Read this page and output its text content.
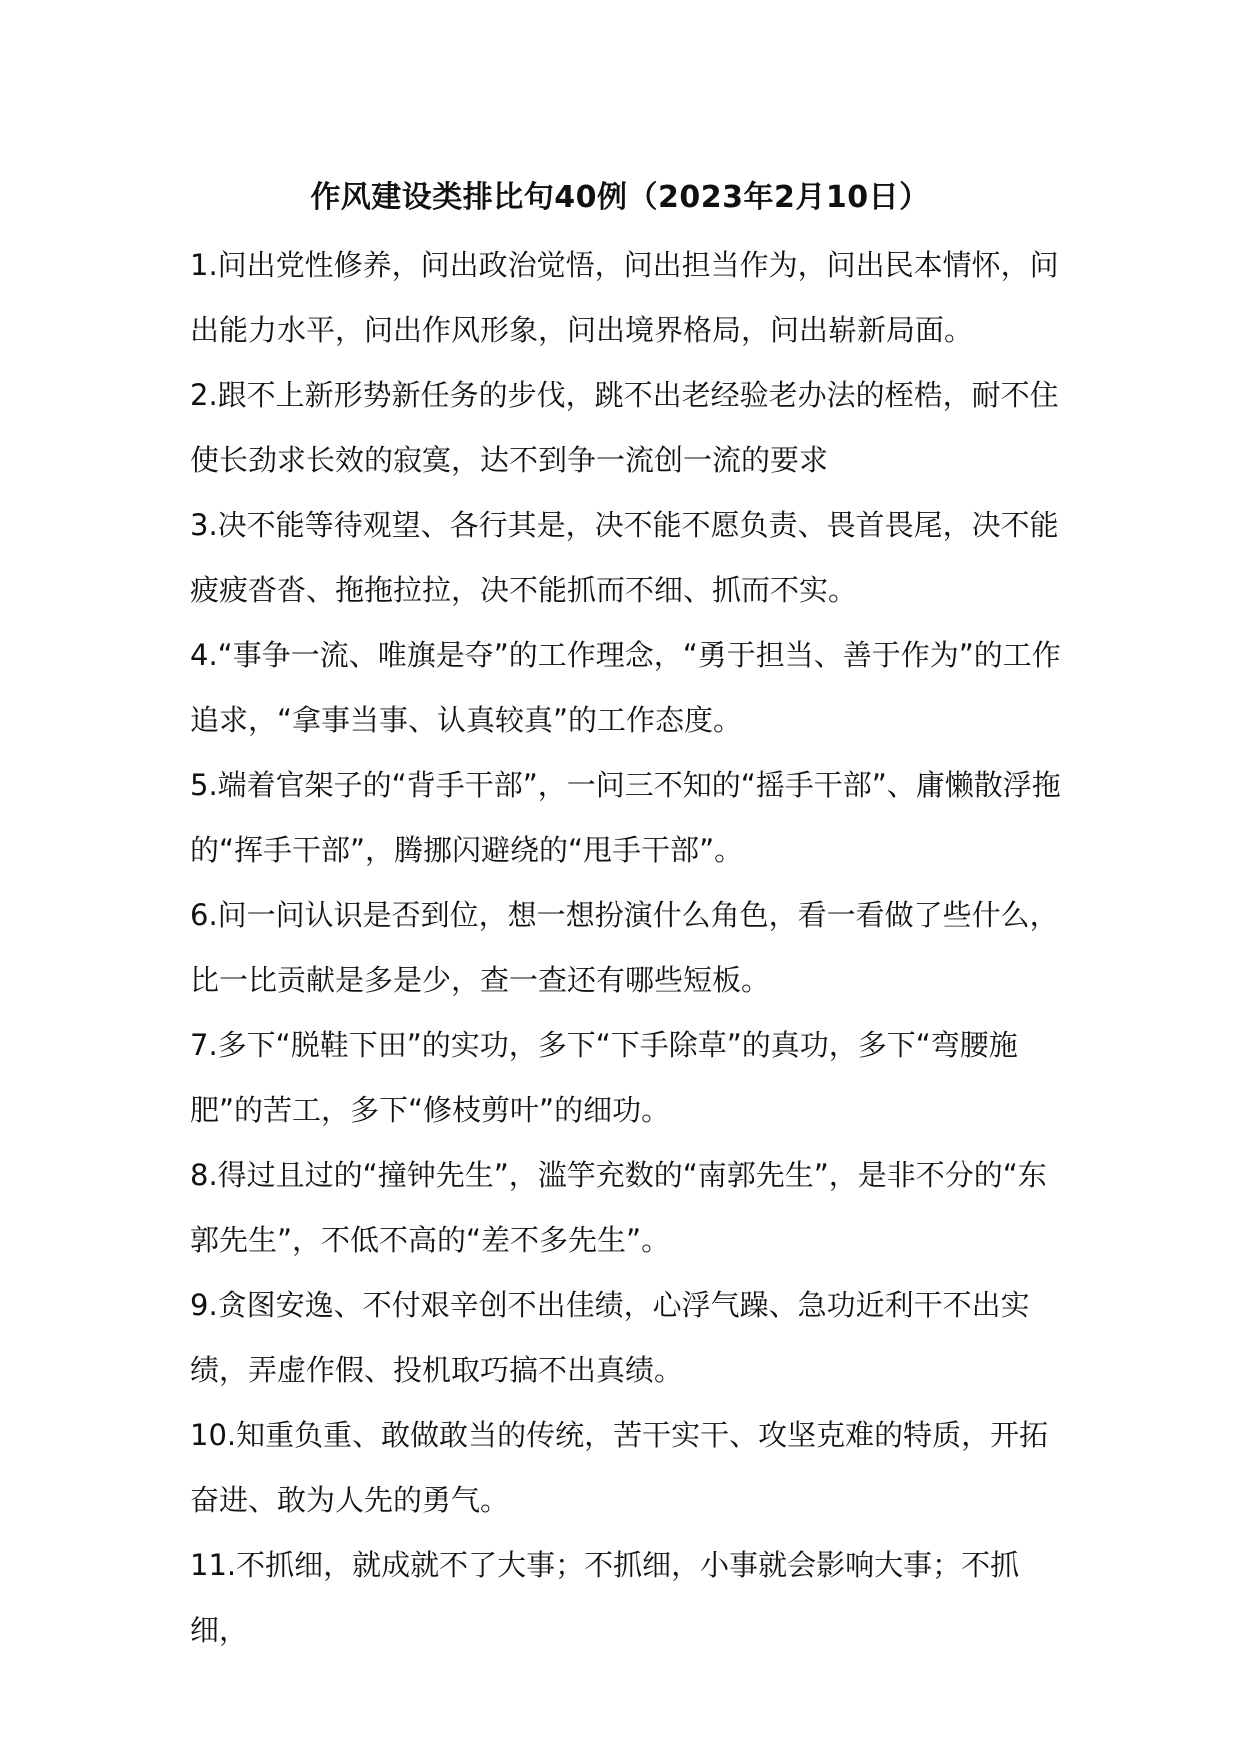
作风建设类排比句40例（2023年2月10日）

1.问出党性修养，问出政治觉悟，问出担当作为，问出民本情怀，问出能力水平，问出作风形象，问出境界格局，问出崭新局面。

2.跟不上新形势新任务的步伐，跳不出老经验老办法的桎梏，耐不住使长劲求长效的寂寞，达不到争一流创一流的要求

3.决不能等待观望、各行其是，决不能不愿负责、畏首畏尾，决不能疲疲沓沓、拖拖拉拉，决不能抓而不细、抓而不实。

4.“事争一流、唯旗是夺”的工作理念，“勇于担当、善于作为”的工作追求，“拿事当事、认真较真”的工作态度。

5.端着官架子的“背手干部”，一问三不知的“摇手干部”、庸懒散浮拖的“挥手干部”，腾挪闪避绕的“甩手干部”。

6.问一问认识是否到位，想一想扮演什么角色，看一看做了些什么，比一比贡献是多是少，查一查还有哪些短板。

7.多下“脱鞋下田”的实功，多下“下手除草”的真功，多下“弯腰施肥”的苦工，多下“修枝剪叶”的细功。

8.得过且过的“撞钟先生”，滥竽充数的“南郭先生”，是非不分的“东郭先生”，不低不高的“差不多先生”。

9.贪图安逸、不付艰辛创不出佳绩，心浮气躁、急功近利干不出实绩，弄虚作假、投机取巧搞不出真绩。

10.知重负重、敢做敢当的传统，苦干实干、攻坚克难的特质，开拓奋进、敢为人先的勇气。

11.不抓细，就成就不了大事；不抓细，小事就会影响大事；不抓细，
